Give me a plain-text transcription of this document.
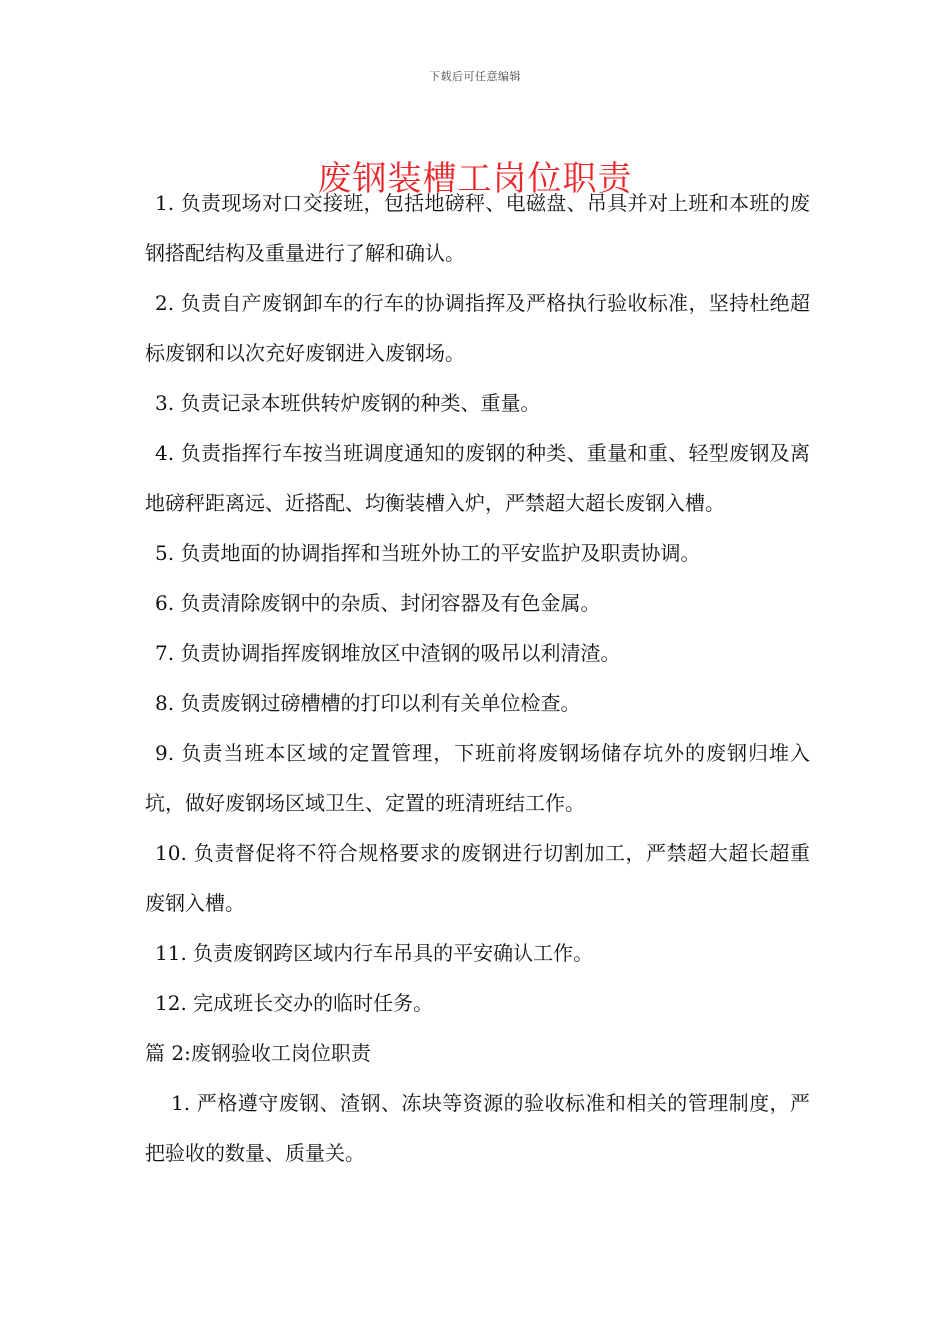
下载后可任意编辑
废钢装槽工岗位职责

1. 负责现场对口交接班，包括地磅秤、电磁盘、吊具并对上班和本班的废钢搭配结构及重量进行了解和确认。

2. 负责自产废钢卸车的行车的协调指挥及严格执行验收标准，坚持杜绝超标废钢和以次充好废钢进入废钢场。

3. 负责记录本班供转炉废钢的种类、重量。

4. 负责指挥行车按当班调度通知的废钢的种类、重量和重、轻型废钢及离地磅秤距离远、近搭配、均衡装槽入炉，严禁超大超长废钢入槽。

5. 负责地面的协调指挥和当班外协工的平安监护及职责协调。

6. 负责清除废钢中的杂质、封闭容器及有色金属。

7. 负责协调指挥废钢堆放区中渣钢的吸吊以利清渣。

8. 负责废钢过磅槽槽的打印以利有关单位检查。

9. 负责当班本区域的定置管理，下班前将废钢场储存坑外的废钢归堆入坑，做好废钢场区域卫生、定置的班清班结工作。

10. 负责督促将不符合规格要求的废钢进行切割加工，严禁超大超长超重废钢入槽。

11. 负责废钢跨区域内行车吊具的平安确认工作。

12. 完成班长交办的临时任务。

篇 2:废钢验收工岗位职责

1. 严格遵守废钢、渣钢、冻块等资源的验收标准和相关的管理制度，严把验收的数量、质量关。
